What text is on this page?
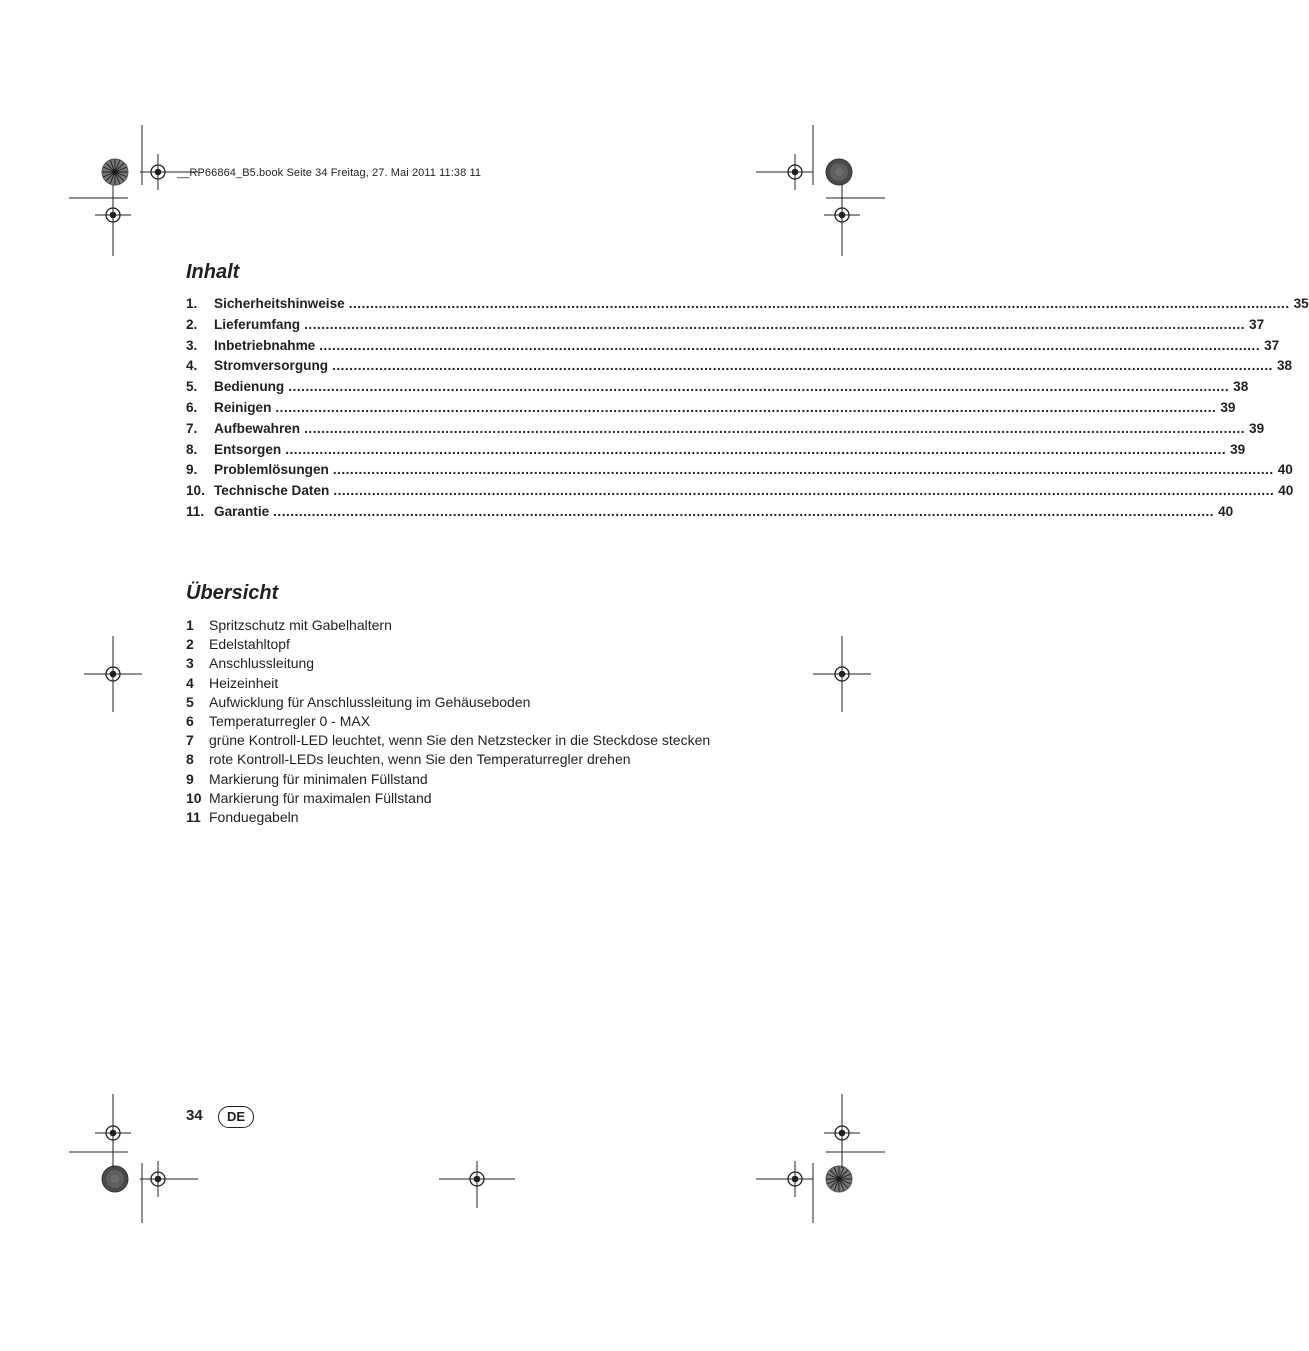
__RP66864_B5.book Seite 34 Freitag, 27. Mai 2011 11:38 11
Inhalt
1.	Sicherheitshinweise ............................................................................................................................................................................................................................ 35
2.	Lieferumfang ............................................................................................................................................................................................................................ 37
3.	Inbetriebnahme ............................................................................................................................................................................................................................ 37
4.	Stromversorgung ............................................................................................................................................................................................................................ 38
5.	Bedienung ............................................................................................................................................................................................................................ 38
6.	Reinigen ............................................................................................................................................................................................................................ 39
7.	Aufbewahren ............................................................................................................................................................................................................................ 39
8.	Entsorgen ............................................................................................................................................................................................................................ 39
9.	Problemlösungen ............................................................................................................................................................................................................................ 40
10. Technische Daten ............................................................................................................................................................................................................................ 40
11. Garantie ............................................................................................................................................................................................................................ 40
Übersicht
1	Spritzschutz mit Gabelhaltern
2	Edelstahltopf
3	Anschlussleitung
4	Heizeinheit
5	Aufwicklung für Anschlussleitung im Gehäuseboden
6	Temperaturregler 0 - MAX
7	grüne Kontroll-LED leuchtet, wenn Sie den Netzstecker in die Steckdose stecken
8	rote Kontroll-LEDs leuchten, wenn Sie den Temperaturregler drehen
9	Markierung für minimalen Füllstand
10 Markierung für maximalen Füllstand
11 Fonduegabeln
34	DE
